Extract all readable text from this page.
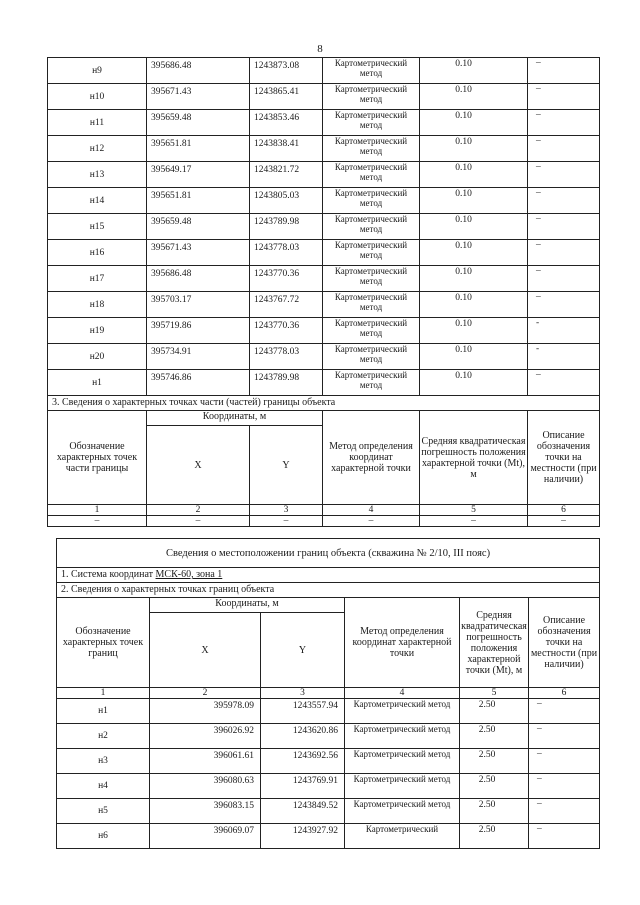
8
н9	395686.48	1243873.08	Картометрический метод	0.10	–
н10	395671.43	1243865.41	Картометрический метод	0.10	–
н11	395659.48	1243853.46	Картометрический метод	0.10	–
н12	395651.81	1243838.41	Картометрический метод	0.10	–
н13	395649.17	1243821.72	Картометрический метод	0.10	–
н14	395651.81	1243805.03	Картометрический метод	0.10	–
н15	395659.48	1243789.98	Картометрический метод	0.10	–
н16	395671.43	1243778.03	Картометрический метод	0.10	–
н17	395686.48	1243770.36	Картометрический метод	0.10	–
н18	395703.17	1243767.72	Картометрический метод	0.10	–
н19	395719.86	1243770.36	Картометрический метод	0.10	-
н20	395734.91	1243778.03	Картометрический метод	0.10	-
н1	395746.86	1243789.98	Картометрический метод	0.10	–
3. Сведения о характерных точках части (частей) границы объекта					
Обозначение характерных точек части границы	Координаты, м		Метод определения координат характерной точки	Средняя квадратическая погрешность положения характерной точки (Мt), м	Описание обозначения точки на местности (при наличии)
	X	Y			
1	2	3	4	5	6
–	–	–	–	–	–
Сведения о местоположении границ объекта (скважина № 2/10, III пояс)					
1. Система координат МСК-60, зона 1					
2. Сведения о характерных точках границ объекта					
Обозначение характерных точек границ	Координаты, м		Метод определения координат характерной точки	Средняя квадратическая погрешность положения характерной точки (Мt), м	Описание обозначения точки на местности (при наличии)
	X	Y			
1	2	3	4	5	6
н1	395978.09	1243557.94	Картометрический метод	2.50	–
н2	396026.92	1243620.86	Картометрический метод	2.50	–
н3	396061.61	1243692.56	Картометрический метод	2.50	–
н4	396080.63	1243769.91	Картометрический метод	2.50	–
н5	396083.15	1243849.52	Картометрический метод	2.50	–
н6	396069.07	1243927.92	Картометрический	2.50	–
